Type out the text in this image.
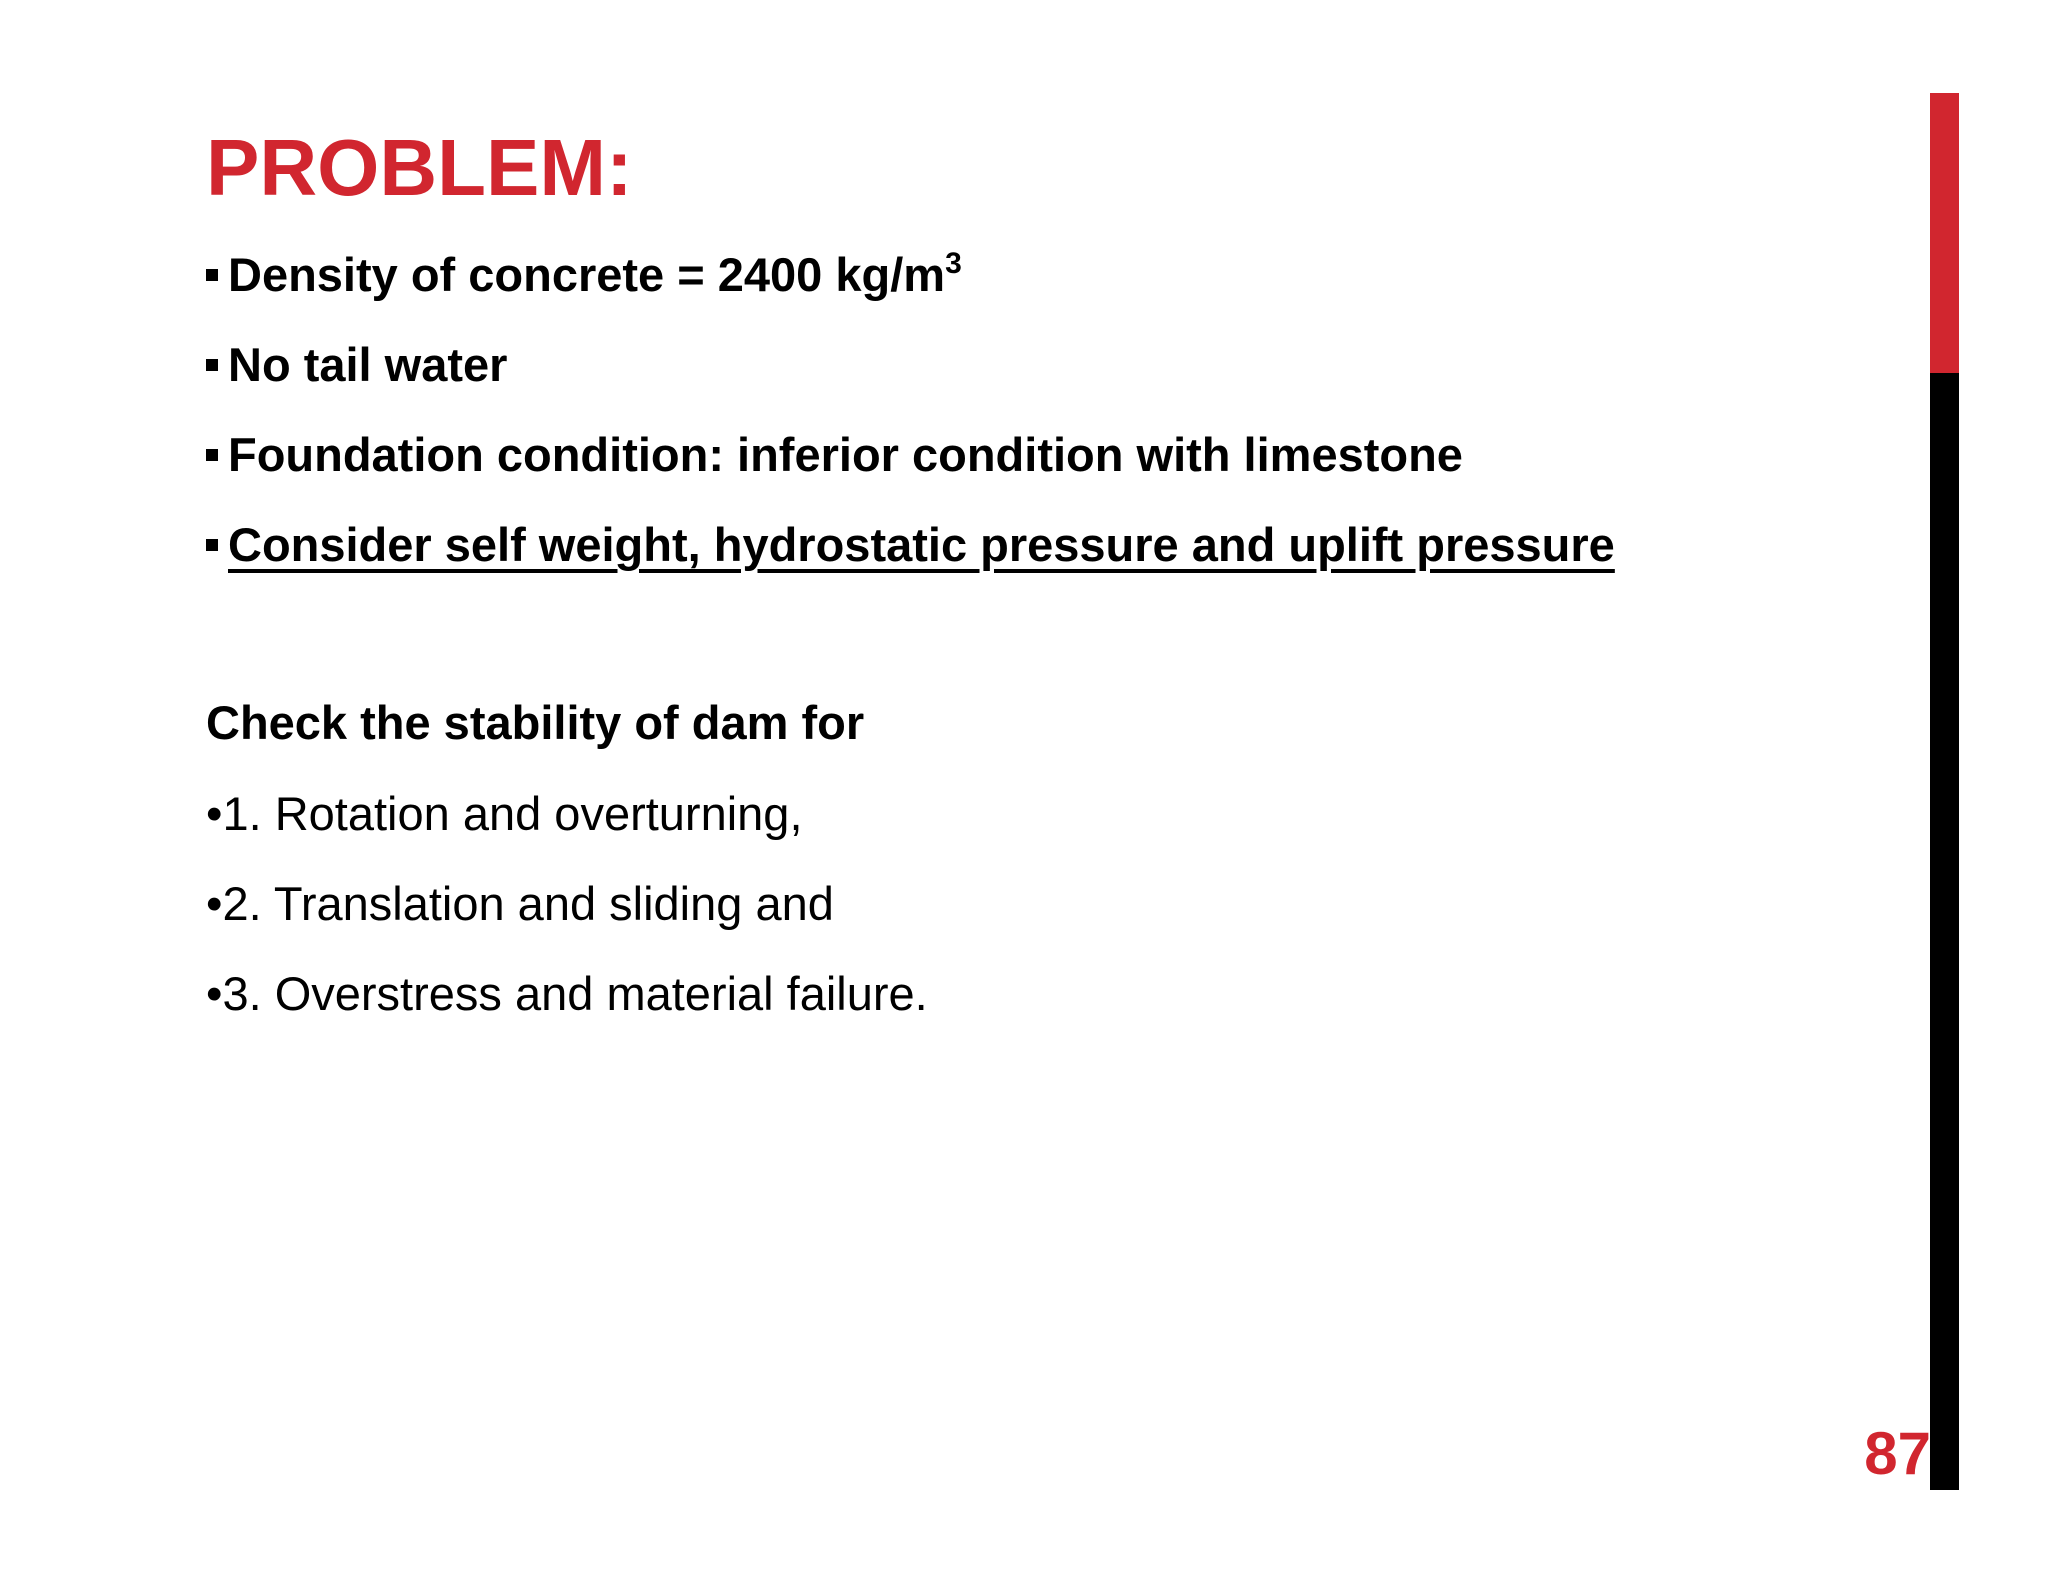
PROBLEM:
Density of concrete = 2400 $kg/m^3$
No tail water
Foundation condition: inferior condition with limestone
Consider self weight, hydrostatic pressure and uplift pressure
Check the stability of dam for
•1. Rotation and overturning,
•2. Translation and sliding and
•3. Overstress and material failure.
87
